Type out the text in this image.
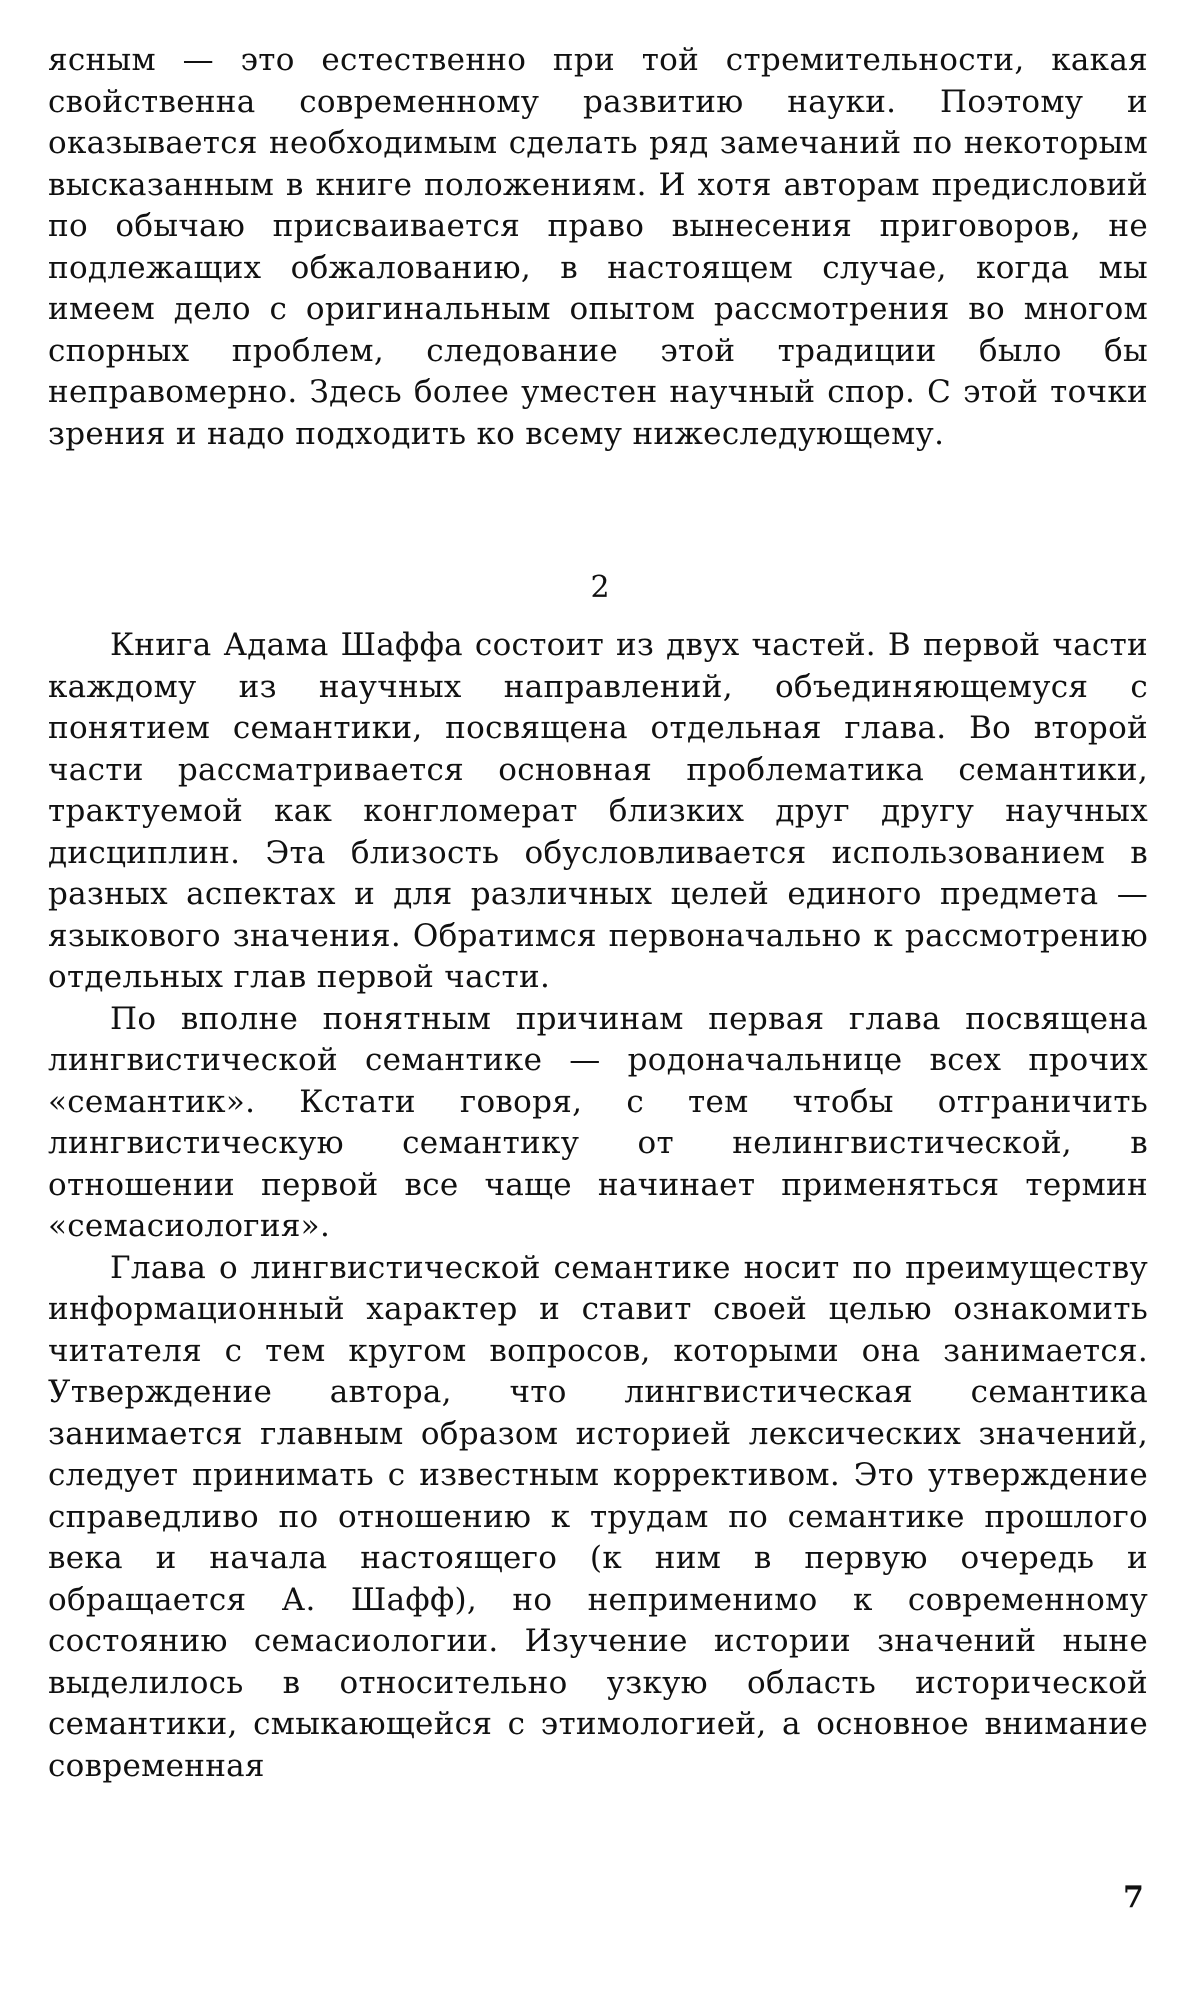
ясным — это естественно при той стремительности, какая свойственна современному развитию науки. Поэтому и оказывается необходимым сделать ряд замечаний по некоторым высказанным в книге положениям. И хотя авторам предисловий по обычаю присваивается право вынесения приговоров, не подлежащих обжалованию, в настоящем случае, когда мы имеем дело с оригинальным опытом рассмотрения во многом спорных проблем, следование этой традиции было бы неправомерно. Здесь более уместен научный спор. С этой точки зрения и надо подходить ко всему нижеследующему.

2

Книга Адама Шаффа состоит из двух частей. В первой части каждому из научных направлений, объединяющемуся с понятием семантики, посвящена отдельная глава. Во второй части рассматривается основная проблематика семантики, трактуемой как конгломерат близких друг другу научных дисциплин. Эта близость обусловливается использованием в разных аспектах и для различных целей единого предмета — языкового значения. Обратимся первоначально к рассмотрению отдельных глав первой части.

По вполне понятным причинам первая глава посвящена лингвистической семантике — родоначальнице всех прочих «семантик». Кстати говоря, с тем чтобы отграничить лингвистическую семантику от нелингвистической, в отношении первой все чаще начинает применяться термин «семасиология».

Глава о лингвистической семантике носит по преимуществу информационный характер и ставит своей целью ознакомить читателя с тем кругом вопросов, которыми она занимается. Утверждение автора, что лингвистическая семантика занимается главным образом историей лексических значений, следует принимать с известным коррективом. Это утверждение справедливо по отношению к трудам по семантике прошлого века и начала настоящего (к ним в первую очередь и обращается А. Шафф), но неприменимо к современному состоянию семасиологии. Изучение истории значений ныне выделилось в относительно узкую область исторической семантики, смыкающейся с этимологией, а основное внимание современная

7
